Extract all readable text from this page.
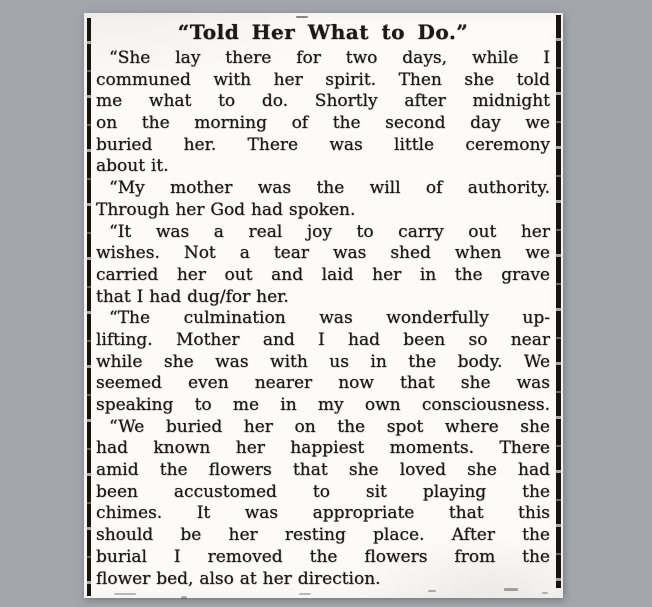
“Told Her What to Do.”
“She lay there for two days, while I
communed with her spirit. Then she told
me what to do. Shortly after midnight
on the morning of the second day we
buried her. There was little ceremony
about it.
“My mother was the will of authority.
Through her God had spoken.
“It was a real joy to carry out her
wishes. Not a tear was shed when we
carried her out and laid her in the grave
that I had dug/for her.
“The culmination was wonderfully up-
lifting. Mother and I had been so near
while she was with us in the body. We
seemed even nearer now that she was
speaking to me in my own consciousness.
“We buried her on the spot where she
had known her happiest moments. There
amid the flowers that she loved she had
been accustomed to sit playing the
chimes. It was appropriate that this
should be her resting place. After the
burial I removed the flowers from the
flower bed, also at her direction.
